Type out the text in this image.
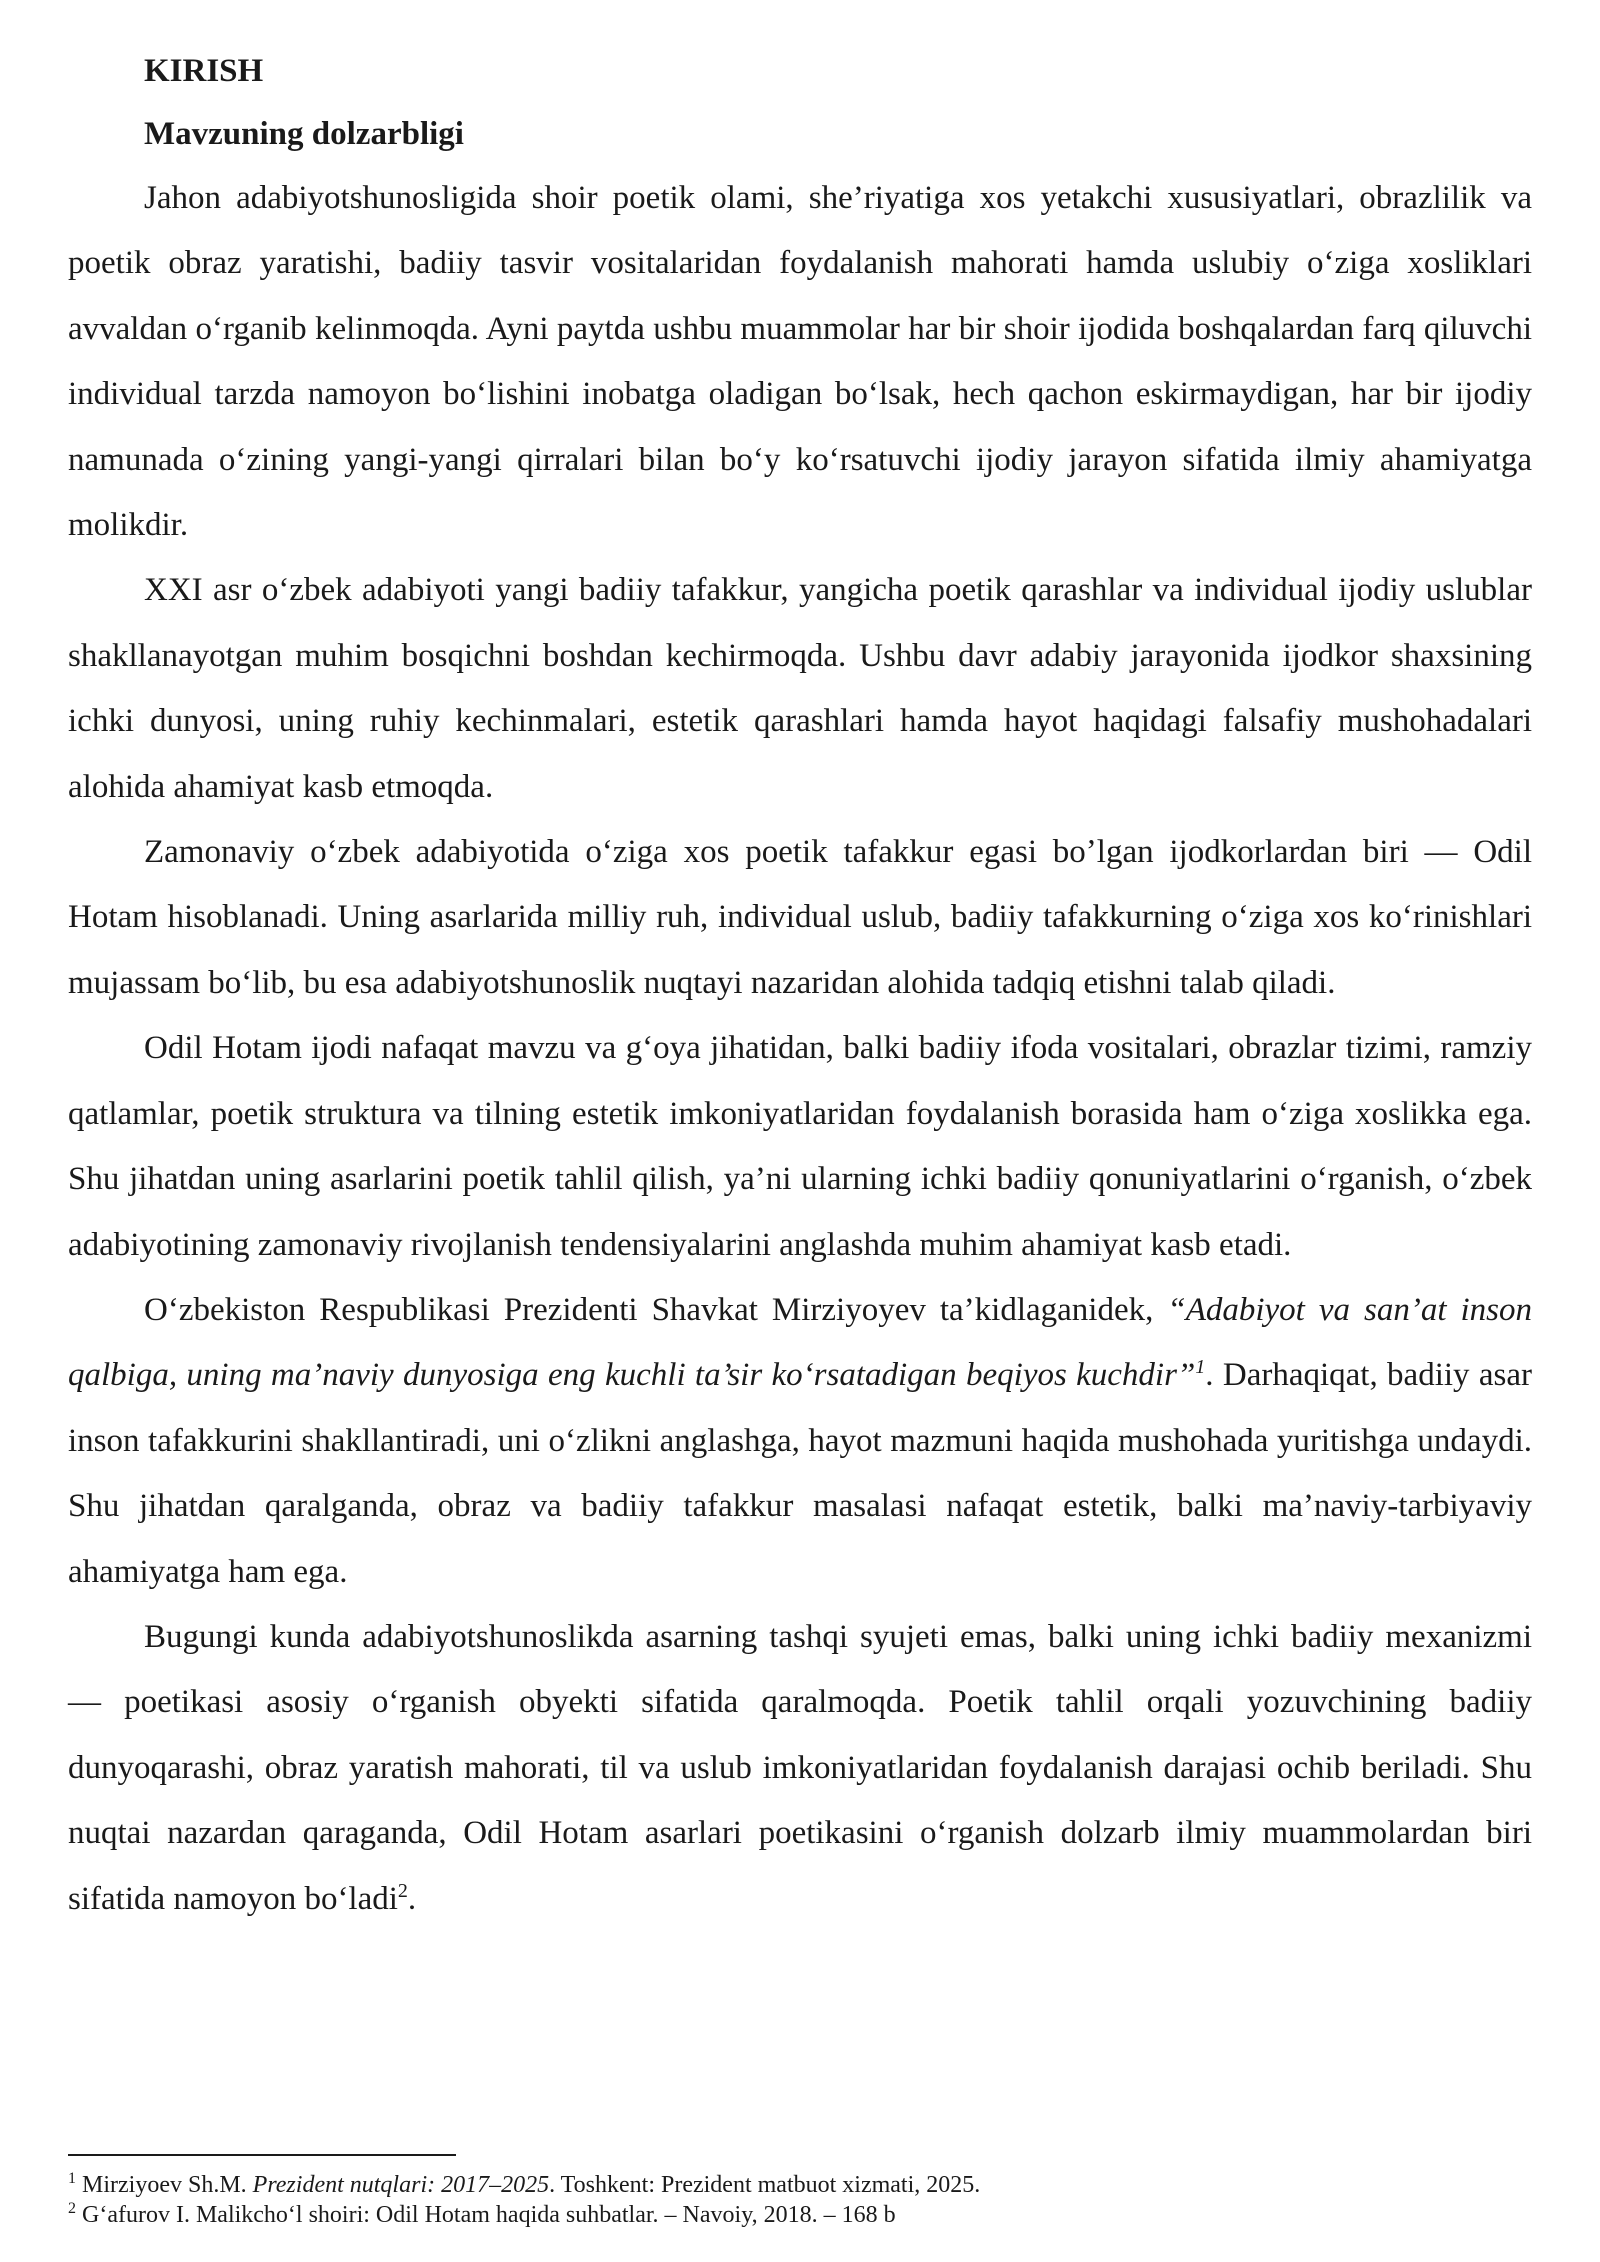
KIRISH

Mavzuning dolzarbligi

Jahon adabiyotshunosligida shoir poetik olami, she’riyatiga xos yetakchi xususiyatlari, obrazlilik va poetik obraz yaratishi, badiiy tasvir vositalaridan foydalanish mahorati hamda uslubiy oʻziga xosliklari avvaldan oʻrganib kelinmoqda. Ayni paytda ushbu muammolar har bir shoir ijodida boshqalardan farq qiluvchi individual tarzda namoyon boʻlishini inobatga oladigan boʻlsak, hech qachon eskirmaydigan, har bir ijodiy namunada oʻzining yangi-yangi qirralari bilan boʻy koʻrsatuvchi ijodiy jarayon sifatida ilmiy ahamiyatga molikdir.

XXI asr oʻzbek adabiyoti yangi badiiy tafakkur, yangicha poetik qarashlar va individual ijodiy uslublar shakllanayotgan muhim bosqichni boshdan kechirmoqda. Ushbu davr adabiy jarayonida ijodkor shaxsining ichki dunyosi, uning ruhiy kechinmalari, estetik qarashlari hamda hayot haqidagi falsafiy mushohadalari alohida ahamiyat kasb etmoqda.

Zamonaviy oʻzbek adabiyotida oʻziga xos poetik tafakkur egasi boʼlgan ijodkorlardan biri — Odil Hotam hisoblanadi. Uning asarlarida milliy ruh, individual uslub, badiiy tafakkurning oʻziga xos koʻrinishlari mujassam boʻlib, bu esa adabiyotshunoslik nuqtayi nazaridan alohida tadqiq etishni talab qiladi.

Odil Hotam ijodi nafaqat mavzu va gʻoya jihatidan, balki badiiy ifoda vositalari, obrazlar tizimi, ramziy qatlamlar, poetik struktura va tilning estetik imkoniyatlaridan foydalanish borasida ham oʻziga xoslikka ega. Shu jihatdan uning asarlarini poetik tahlil qilish, ya’ni ularning ichki badiiy qonuniyatlarini oʻrganish, oʻzbek adabiyotining zamonaviy rivojlanish tendensiyalarini anglashda muhim ahamiyat kasb etadi.

Oʻzbekiston Respublikasi Prezidenti Shavkat Mirziyoyev ta’kidlaganidek, “Adabiyot va san’at inson qalbiga, uning ma’naviy dunyosiga eng kuchli ta’sir koʻrsatadigan beqiyos kuchdir”$^1$. Darhaqiqat, badiiy asar inson tafakkurini shakllantiradi, uni oʻzlikni anglashga, hayot mazmuni haqida mushohada yuritishga undaydi. Shu jihatdan qaralganda, obraz va badiiy tafakkur masalasi nafaqat estetik, balki ma’naviy-tarbiyaviy ahamiyatga ham ega.

Bugungi kunda adabiyotshunoslikda asarning tashqi syujeti emas, balki uning ichki badiiy mexanizmi — poetikasi asosiy oʻrganish obyekti sifatida qaralmoqda. Poetik tahlil orqali yozuvchining badiiy dunyoqarashi, obraz yaratish mahorati, til va uslub imkoniyatlaridan foydalanish darajasi ochib beriladi. Shu nuqtai nazardan qaraganda, Odil Hotam asarlari poetikasini oʻrganish dolzarb ilmiy muammolardan biri sifatida namoyon boʻladi$^2$.

$^1$ Mirziyoev Sh.M. Prezident nutqlari: 2017–2025. Toshkent: Prezident matbuot xizmati, 2025.

$^2$ Gʻafurov I. Malikchoʻl shoiri: Odil Hotam haqida suhbatlar. – Navoiy, 2018. – 168 b
